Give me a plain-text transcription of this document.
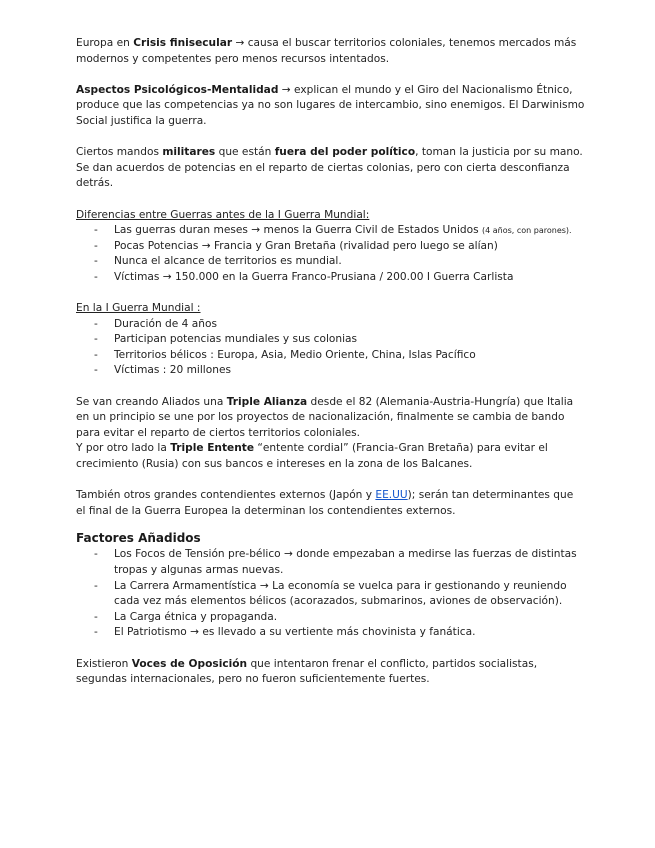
Europa en Crisis finisecular → causa el buscar territorios coloniales, tenemos mercados más modernos y competentes pero menos recursos intentados.

Aspectos Psicológicos-Mentalidad → explican el mundo y el Giro del Nacionalismo Étnico, produce que las competencias ya no son lugares de intercambio, sino enemigos. El Darwinismo Social justifica la guerra.

Ciertos mandos militares que están fuera del poder político, toman la justicia por su mano. Se dan acuerdos de potencias en el reparto de ciertas colonias, pero con cierta desconfianza detrás.

Diferencias entre Guerras antes de la I Guerra Mundial:

- Las guerras duran meses → menos la Guerra Civil de Estados Unidos (4 años, con parones).
- Pocas Potencias → Francia y Gran Bretaña (rivalidad pero luego se alían)
- Nunca el alcance de territorios es mundial.
- Víctimas → 150.000 en la Guerra Franco-Prusiana / 200.00 I Guerra Carlista

En la I Guerra Mundial :

- Duración de 4 años
- Participan potencias mundiales y sus colonias
- Territorios bélicos : Europa, Asia, Medio Oriente, China, Islas Pacífico
- Víctimas : 20 millones

Se van creando Aliados una Triple Alianza desde el 82 (Alemania-Austria-Hungría) que Italia en un principio se une por los proyectos de nacionalización, finalmente se cambia de bando para evitar el reparto de ciertos territorios coloniales.

Y por otro lado la Triple Entente “entente cordial” (Francia-Gran Bretaña) para evitar el crecimiento (Rusia) con sus bancos e intereses en la zona de los Balcanes.

También otros grandes contendientes externos (Japón y EE.UU); serán tan determinantes que el final de la Guerra Europea la determinan los contendientes externos.

Factores Añadidos
- Los Focos de Tensión pre-bélico → donde empezaban a medirse las fuerzas de distintas tropas y algunas armas nuevas.
- La Carrera Armamentística → La economía se vuelca para ir gestionando y reuniendo cada vez más elementos bélicos (acorazados, submarinos, aviones de observación).
- La Carga étnica y propaganda.
- El Patriotismo → es llevado a su vertiente más chovinista y fanática.

Existieron Voces de Oposición que intentaron frenar el conflicto, partidos socialistas, segundas internacionales, pero no fueron suficientemente fuertes.
